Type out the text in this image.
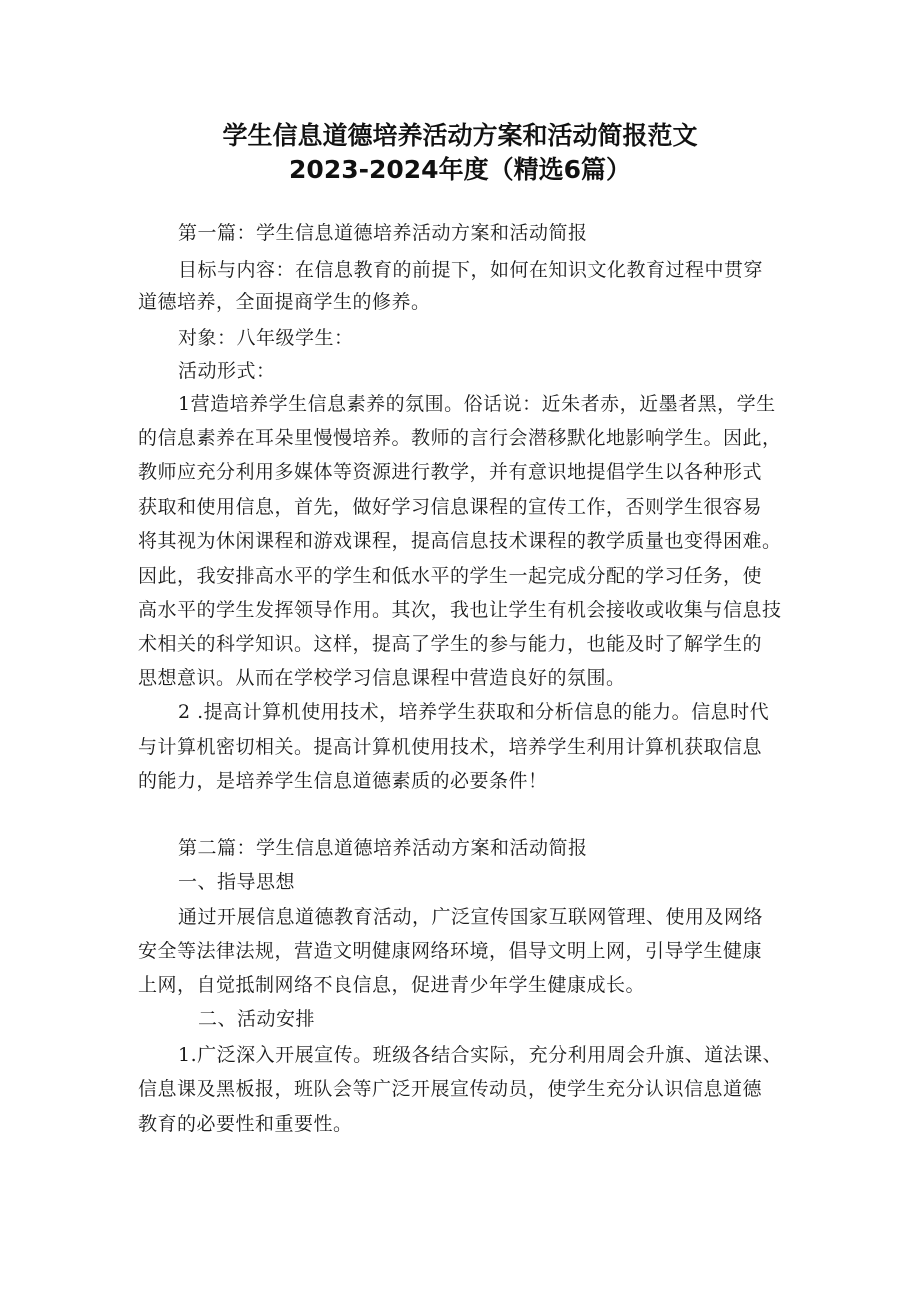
学生信息道德培养活动方案和活动简报范文
2023-2024年度（精选6篇）
第一篇：学生信息道德培养活动方案和活动简报
目标与内容：在信息教育的前提下，如何在知识文化教育过程中贯穿
道德培养，全面提商学生的修养。
对象：八年级学生：
活动形式：
1营造培养学生信息素养的氛围。俗话说：近朱者赤，近墨者黑，学生
的信息素养在耳朵里慢慢培养。教师的言行会潜移默化地影响学生。因此，
教师应充分利用多媒体等资源进行教学，并有意识地提倡学生以各种形式
获取和使用信息，首先，做好学习信息课程的宣传工作，否则学生很容易
将其视为休闲课程和游戏课程，提高信息技术课程的教学质量也变得困难。
因此，我安排高水平的学生和低水平的学生一起完成分配的学习任务，使
高水平的学生发挥领导作用。其次，我也让学生有机会接收或收集与信息技
术相关的科学知识。这样，提高了学生的参与能力，也能及时了解学生的
思想意识。从而在学校学习信息课程中营造良好的氛围。
2 .提高计算机使用技术，培养学生获取和分析信息的能力。信息时代
与计算机密切相关。提高计算机使用技术，培养学生利用计算机获取信息
的能力，是培养学生信息道德素质的必要条件！
第二篇：学生信息道德培养活动方案和活动简报
一、指导思想
通过开展信息道德教育活动，广泛宣传国家互联网管理、使用及网络
安全等法律法规，营造文明健康网络环境，倡导文明上网，引导学生健康
上网，自觉抵制网络不良信息，促进青少年学生健康成长。
二、活动安排
1.广泛深入开展宣传。班级各结合实际，充分利用周会升旗、道法课、
信息课及黑板报，班队会等广泛开展宣传动员，使学生充分认识信息道德
教育的必要性和重要性。
